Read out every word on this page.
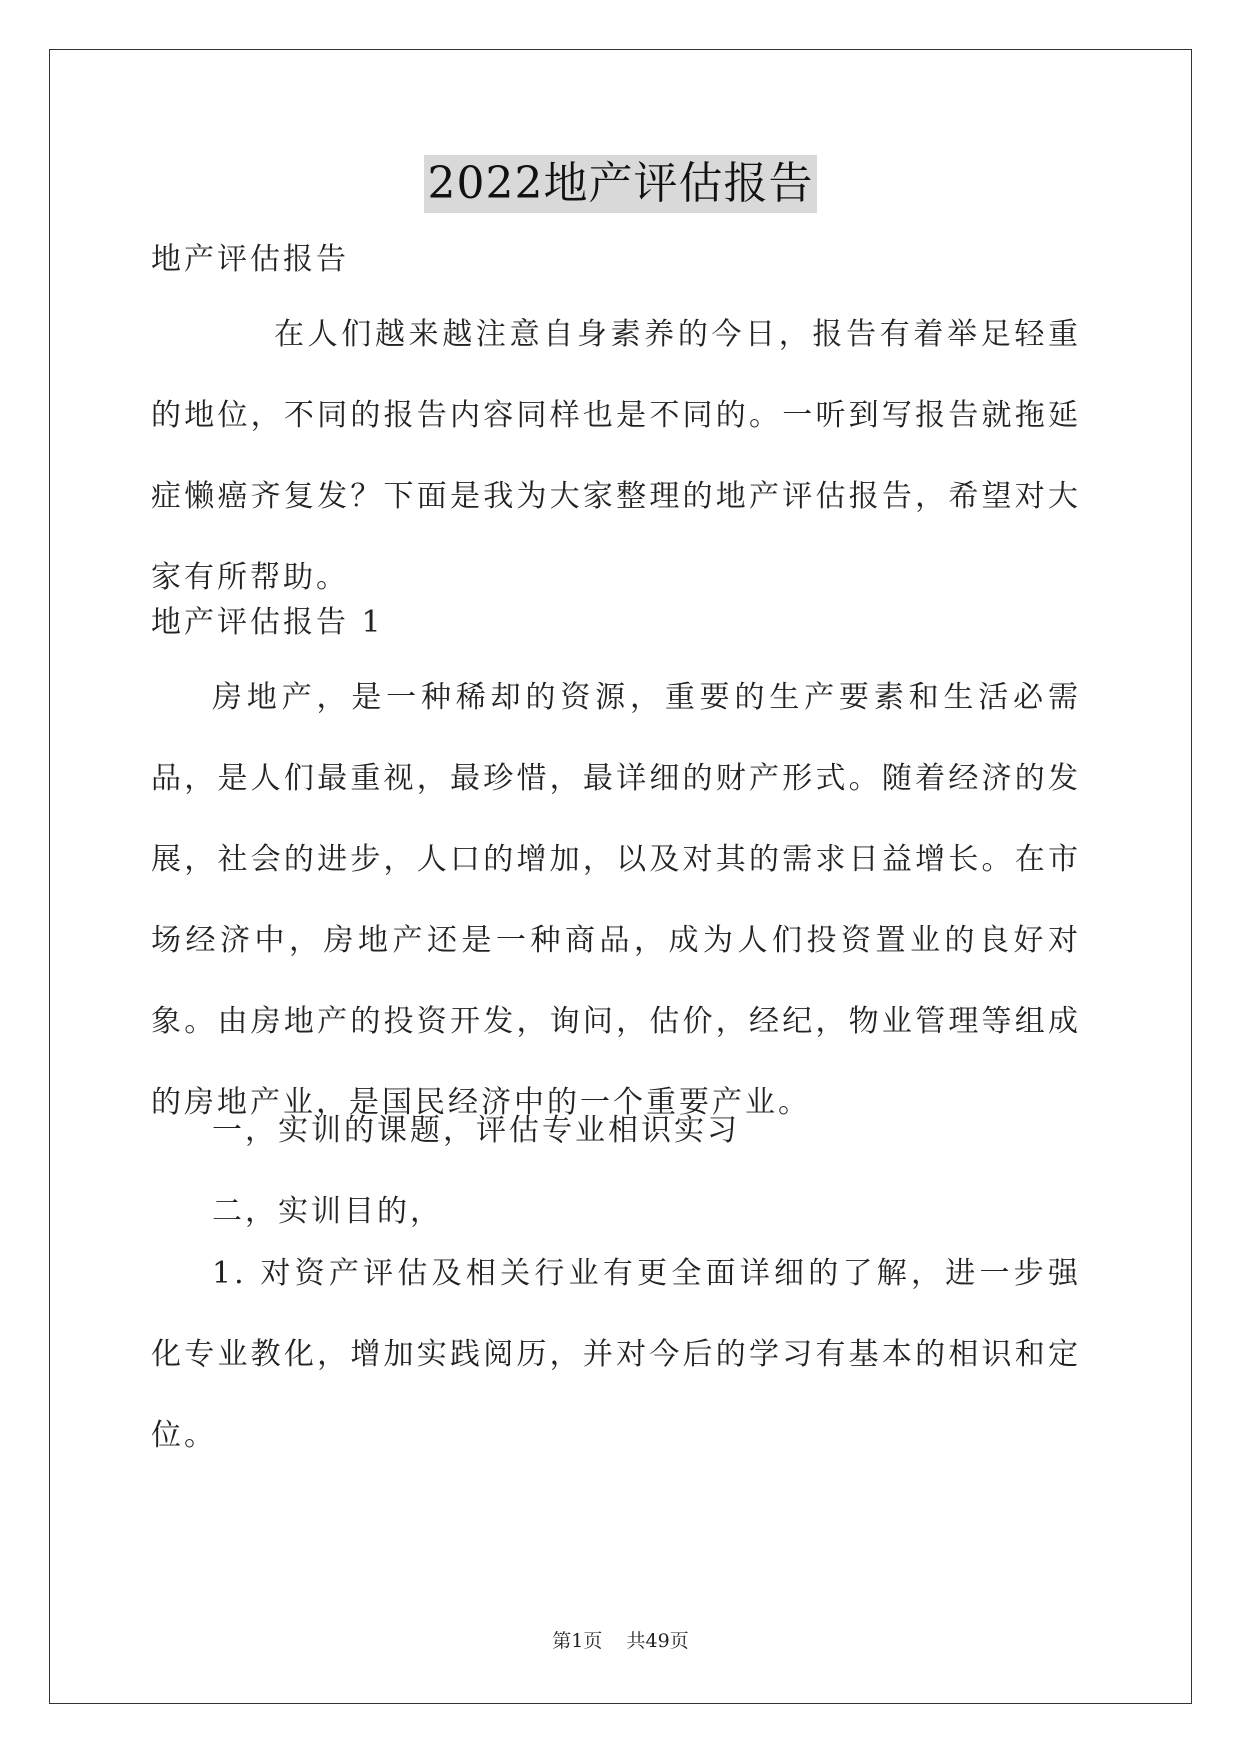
2022地产评估报告
地产评估报告
在人们越来越注意自身素养的今日，报告有着举足轻重的地位，不同的报告内容同样也是不同的。一听到写报告就拖延症懒癌齐复发？下面是我为大家整理的地产评估报告，希望对大家有所帮助。
地产评估报告 1
房地产，是一种稀却的资源，重要的生产要素和生活必需品，是人们最重视，最珍惜，最详细的财产形式。随着经济的发展，社会的进步，人口的增加，以及对其的需求日益增长。在市场经济中，房地产还是一种商品，成为人们投资置业的良好对象。由房地产的投资开发，询问，估价，经纪，物业管理等组成的房地产业，是国民经济中的一个重要产业。
一，实训的课题，评估专业相识实习
二，实训目的，
1. 对资产评估及相关行业有更全面详细的了解，进一步强化专业教化，增加实践阅历，并对今后的学习有基本的相识和定位。
第1页 共49页
